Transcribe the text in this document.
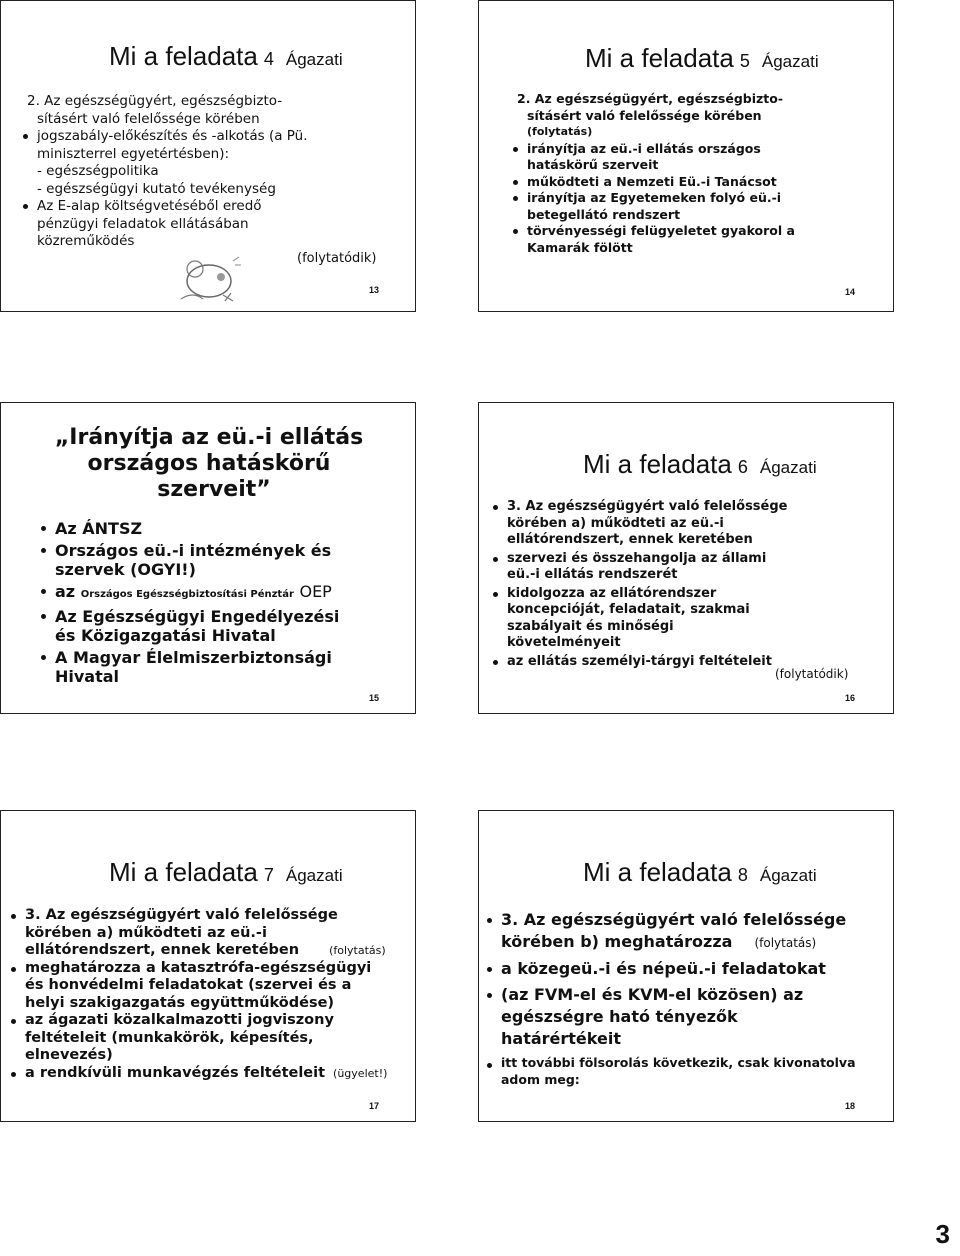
Mi a feladata 4 Ágazati
2. Az egészségügyért, egészségbizto-
sításért való felelőssége körében
jogszabály-előkészítés és -alkotás (a Pü.
miniszterrel egyetértésben):
- egészségpolitika
- egészségügyi kutató tevékenység
Az E-alap költségvetéséből eredő
pénzügyi feladatok ellátásában
közreműködés
(folytatódik)
13
Mi a feladata 5 Ágazati
2. Az egészségügyért, egészségbizto-
sításért való felelőssége körében
(folytatás)
irányítja az eü.-i ellátás országos
hatáskörű szerveit
működteti a Nemzeti Eü.-i Tanácsot
irányítja az Egyetemeken folyó eü.-i
betegellátó rendszert
törvényességi felügyeletet gyakorol a
Kamarák fölött
14
„Irányítja az eü.-i ellátás
országos hatáskörű
szerveit”
Az ÁNTSZ
Országos eü.-i intézmények és
szervek (OGYI!)
az Országos Egészségbiztosítási Pénztár OEP
Az Egészségügyi Engedélyezési
és Közigazgatási Hivatal
A Magyar Élelmiszerbiztonsági
Hivatal
15
Mi a feladata 6 Ágazati
3. Az egészségügyért való felelőssége
körében a) működteti az eü.-i
ellátórendszert, ennek keretében
szervezi és összehangolja az állami
eü.-i ellátás rendszerét
kidolgozza az ellátórendszer
koncepcióját, feladatait, szakmai
szabályait és minőségi
követelményeit
az ellátás személyi-tárgyi feltételeit
(folytatódik)
16
Mi a feladata 7 Ágazati
3. Az egészségügyért való felelőssége
körében a) működteti az eü.-i
ellátórendszert, ennek keretében	(folytatás)
meghatározza a katasztrófa-egészségügyi
és honvédelmi feladatokat (szervei és a
helyi szakigazgatás együttműködése)
az ágazati közalkalmazotti jogviszony
feltételeit (munkakörök, képesítés,
elnevezés)
a rendkívüli munkavégzés feltételeit (ügyelet!)
17
Mi a feladata 8 Ágazati
3. Az egészségügyért való felelőssége
körében b) meghatározza (folytatás)
a közegeü.-i és népeü.-i feladatokat
(az FVM-el és KVM-el közösen) az
egészségre ható tényezők
határértékeit
itt további fölsorolás következik, csak kivonatolva
adom meg:
18
3
